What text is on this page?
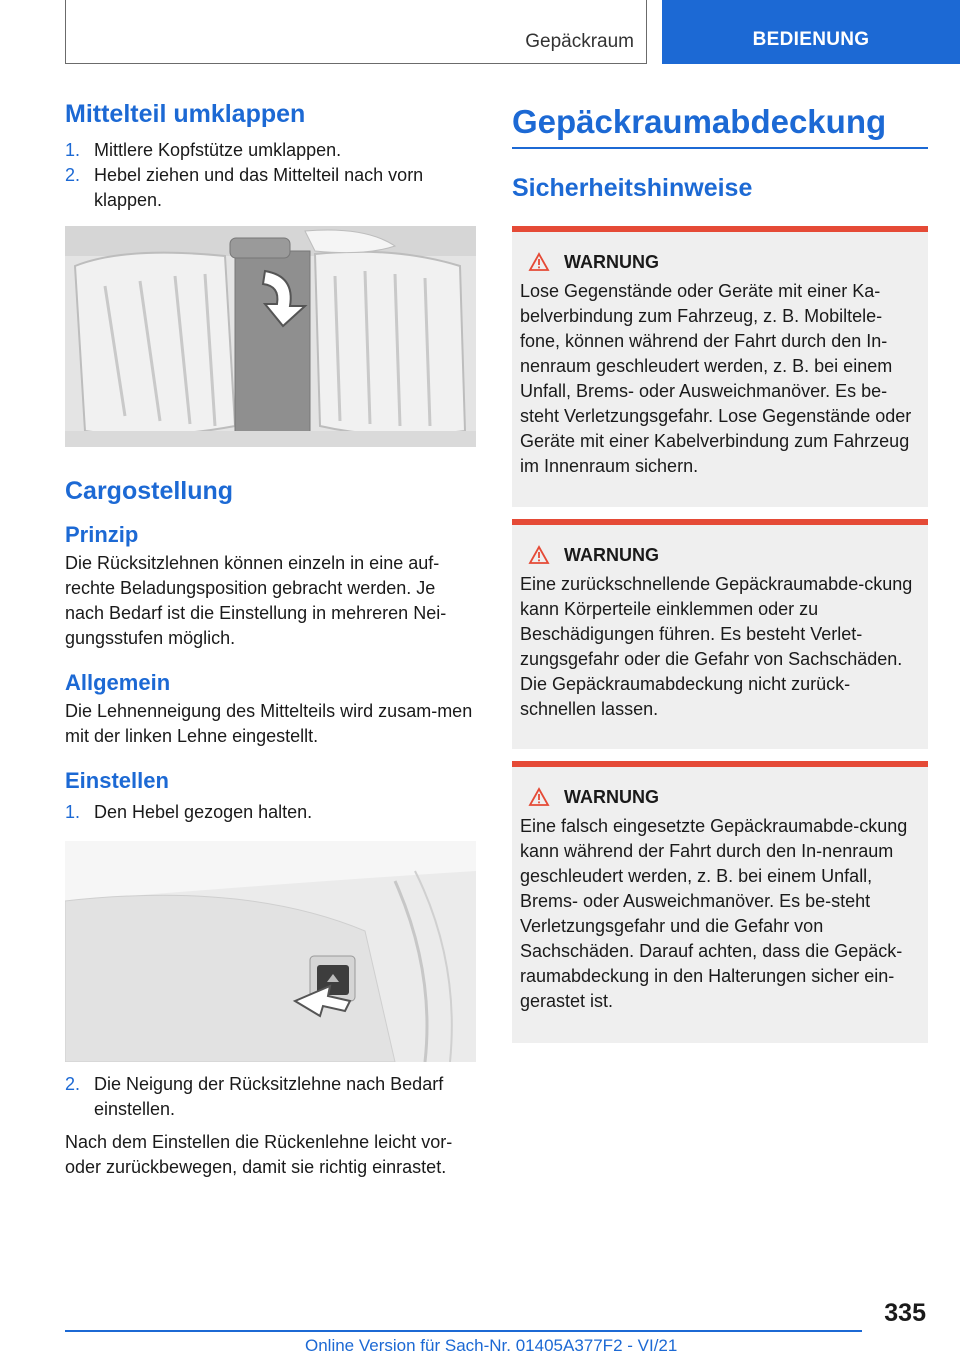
Gepäckraum	BEDIENUNG
Mittelteil umklappen
1. Mittlere Kopfstütze umklappen.
2. Hebel ziehen und das Mittelteil nach vorn klappen.
Cargostellung
Prinzip

Die Rücksitzlehnen können einzeln in eine auf-rechte Beladungsposition gebracht werden. Je nach Bedarf ist die Einstellung in mehreren Nei-gungsstufen möglich.

Allgemein

Die Lehnenneigung des Mittelteils wird zusam-men mit der linken Lehne eingestellt.

Einstellen
1. Den Hebel gezogen halten.
2. Die Neigung der Rücksitzlehne nach Bedarf einstellen.

Nach dem Einstellen die Rückenlehne leicht vor- oder zurückbewegen, damit sie richtig einrastet.

Gepäckraumabdeckung
Sicherheitshinweise
WARNUNG

Lose Gegenstände oder Geräte mit einer Ka-belverbindung zum Fahrzeug, z. B. Mobiltele-fone, können während der Fahrt durch den In-nenraum geschleudert werden, z. B. bei einem Unfall, Brems- oder Ausweichmanöver. Es be-steht Verletzungsgefahr. Lose Gegenstände oder Geräte mit einer Kabelverbindung zum Fahrzeug im Innenraum sichern.

WARNUNG

Eine zurückschnellende Gepäckraumabde-ckung kann Körperteile einklemmen oder zu Beschädigungen führen. Es besteht Verlet-zungsgefahr oder die Gefahr von Sachschäden. Die Gepäckraumabdeckung nicht zurück-schnellen lassen.

WARNUNG

Eine falsch eingesetzte Gepäckraumabde-ckung kann während der Fahrt durch den In-nenraum geschleudert werden, z. B. bei einem Unfall, Brems- oder Ausweichmanöver. Es be-steht Verletzungsgefahr und die Gefahr von Sachschäden. Darauf achten, dass die Gepäck-raumabdeckung in den Halterungen sicher ein-gerastet ist.

335
Online Version für Sach-Nr. 01405A377F2 - VI/21
